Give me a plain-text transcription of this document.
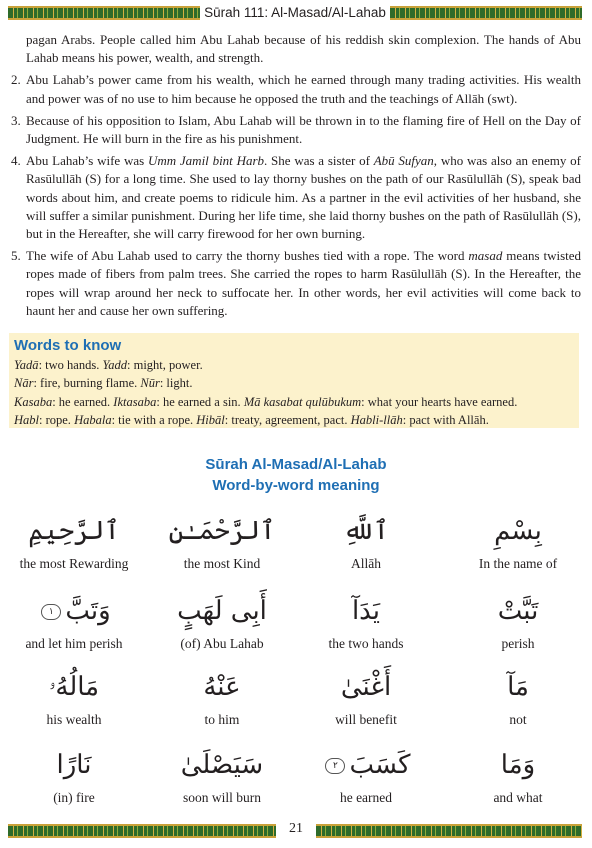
Sūrah 111: Al-Masad/Al-Lahab
pagan Arabs. People called him Abu Lahab because of his reddish skin complexion. The hands of Abu Lahab means his power, wealth, and strength.
2. Abu Lahab’s power came from his wealth, which he earned through many trading activities. His wealth and power was of no use to him because he opposed the truth and the teachings of Allāh (swt).
3. Because of his opposition to Islam, Abu Lahab will be thrown in to the flaming fire of Hell on the Day of Judgment. He will burn in the fire as his punishment.
4. Abu Lahab’s wife was Umm Jamil bint Harb. She was a sister of Abū Sufyan, who was also an enemy of Rasūlullāh (S) for a long time. She used to lay thorny bushes on the path of our Rasūlullāh (S), speak bad words about him, and create poems to ridicule him. As a partner in the evil activities of her husband, she will suffer a similar punishment. During her life time, she laid thorny bushes on the path of Rasūlullāh (S), but in the Hereafter, she will carry firewood for her own burning.
5. The wife of Abu Lahab used to carry the thorny bushes tied with a rope. The word masad means twisted ropes made of fibers from palm trees. She carried the ropes to harm Rasūlullāh (S). In the Hereafter, the ropes will wrap around her neck to suffocate her. In other words, her evil activities will come back to haunt her and cause her own suffering.
Words to know
Yadā: two hands. Yadd: might, power.
Nār: fire, burning flame. Nūr: light.
Kasaba: he earned. Iktasaba: he earned a sin. Mā kasabat qulūbukum: what your hearts have earned.
Habl: rope. Habala: tie with a rope. Hibāl: treaty, agreement, pact. Habli-llāh: pact with Allāh.
Sūrah Al-Masad/Al-Lahab
Word-by-word meaning
بِسْمِ
In the name of
ٱللَّهِ
Allāh
ٱلرَّحْمَـٰنِ
the most Kind
ٱلرَّحِيمِ
the most Rewarding
تَبَّتْ
perish
يَدَآ
the two hands
أَبِى لَهَبٍ
(of) Abu Lahab
وَتَبَّ١
and let him perish
مَآ
not
أَغْنَىٰ
will benefit
عَنْهُ
to him
مَالُهُۥ
his wealth
وَمَا
and what
كَسَبَ٢
he earned
سَيَصْلَىٰ
soon will burn
نَارًا
(in) fire
21
